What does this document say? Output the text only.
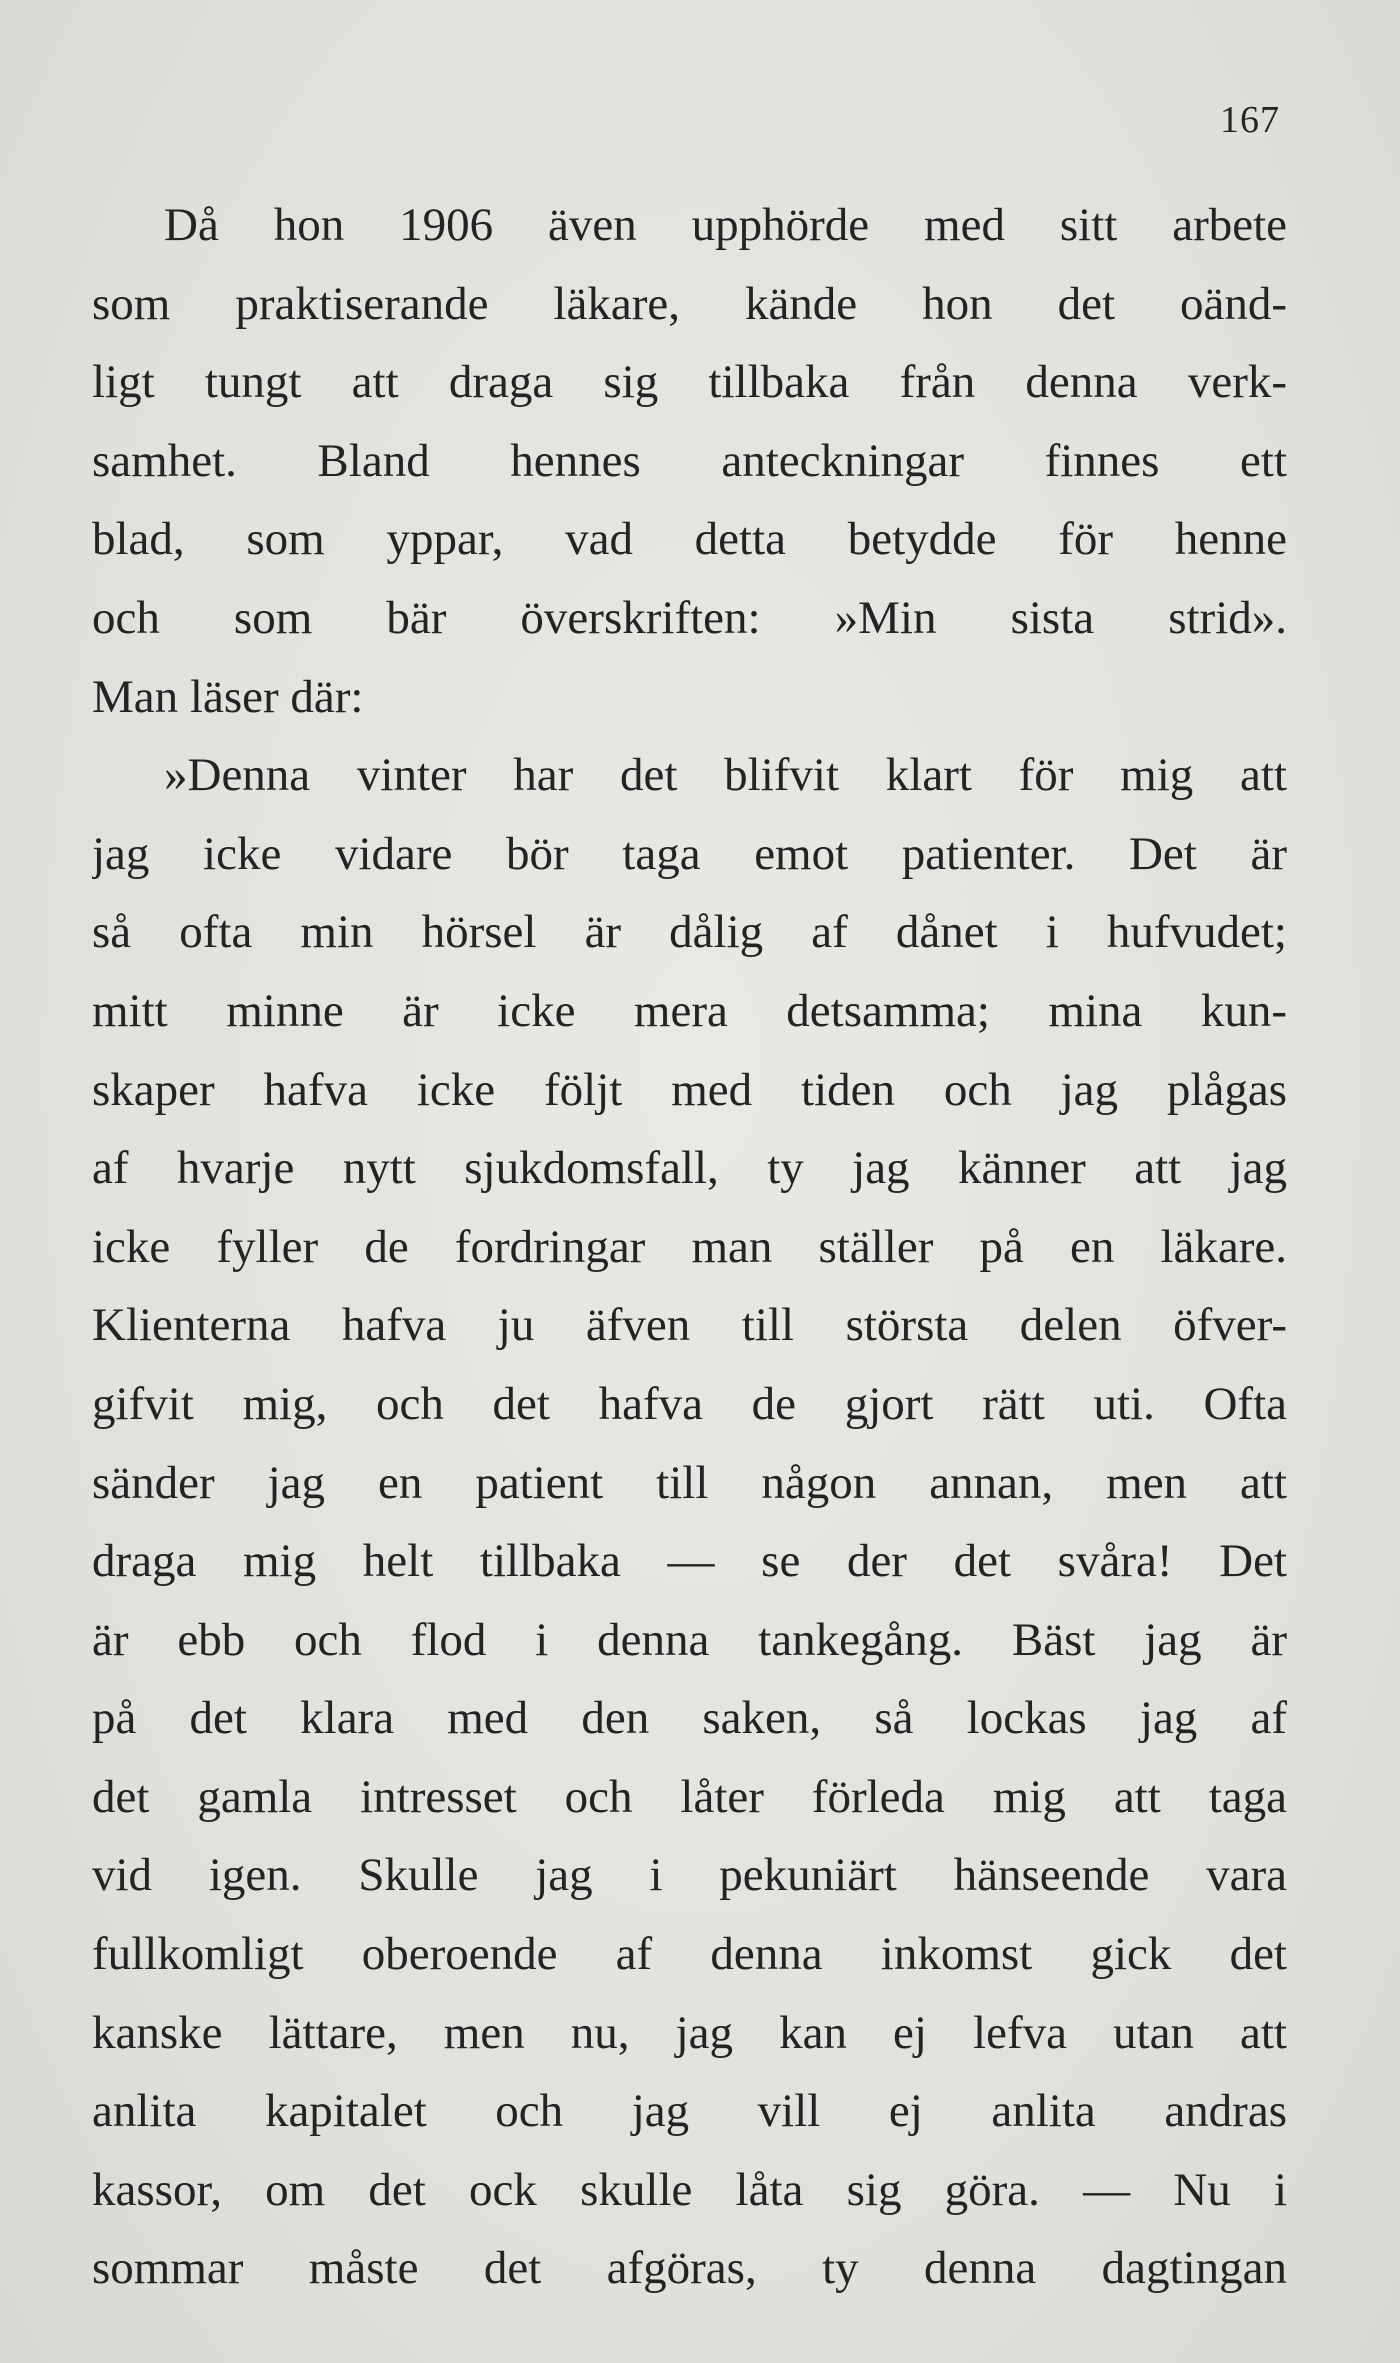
167
Då hon 1906 även upphörde med sitt arbete
som praktiserande läkare, kände hon det oänd-
ligt tungt att draga sig tillbaka från denna verk-
samhet. Bland hennes anteckningar finnes ett
blad, som yppar, vad detta betydde för henne
och som bär överskriften: »Min sista strid».
Man läser där:
»Denna vinter har det blifvit klart för mig att
jag icke vidare bör taga emot patienter. Det är
så ofta min hörsel är dålig af dånet i hufvudet;
mitt minne är icke mera detsamma; mina kun-
skaper hafva icke följt med tiden och jag plågas
af hvarje nytt sjukdomsfall, ty jag känner att jag
icke fyller de fordringar man ställer på en läkare.
Klienterna hafva ju äfven till största delen öfver-
gifvit mig, och det hafva de gjort rätt uti. Ofta
sänder jag en patient till någon annan, men att
draga mig helt tillbaka — se der det svåra! Det
är ebb och flod i denna tankegång. Bäst jag är
på det klara med den saken, så lockas jag af
det gamla intresset och låter förleda mig att taga
vid igen. Skulle jag i pekuniärt hänseende vara
fullkomligt oberoende af denna inkomst gick det
kanske lättare, men nu, jag kan ej lefva utan att
anlita kapitalet och jag vill ej anlita andras
kassor, om det ock skulle låta sig göra. — Nu i
sommar måste det afgöras, ty denna dagtingan
